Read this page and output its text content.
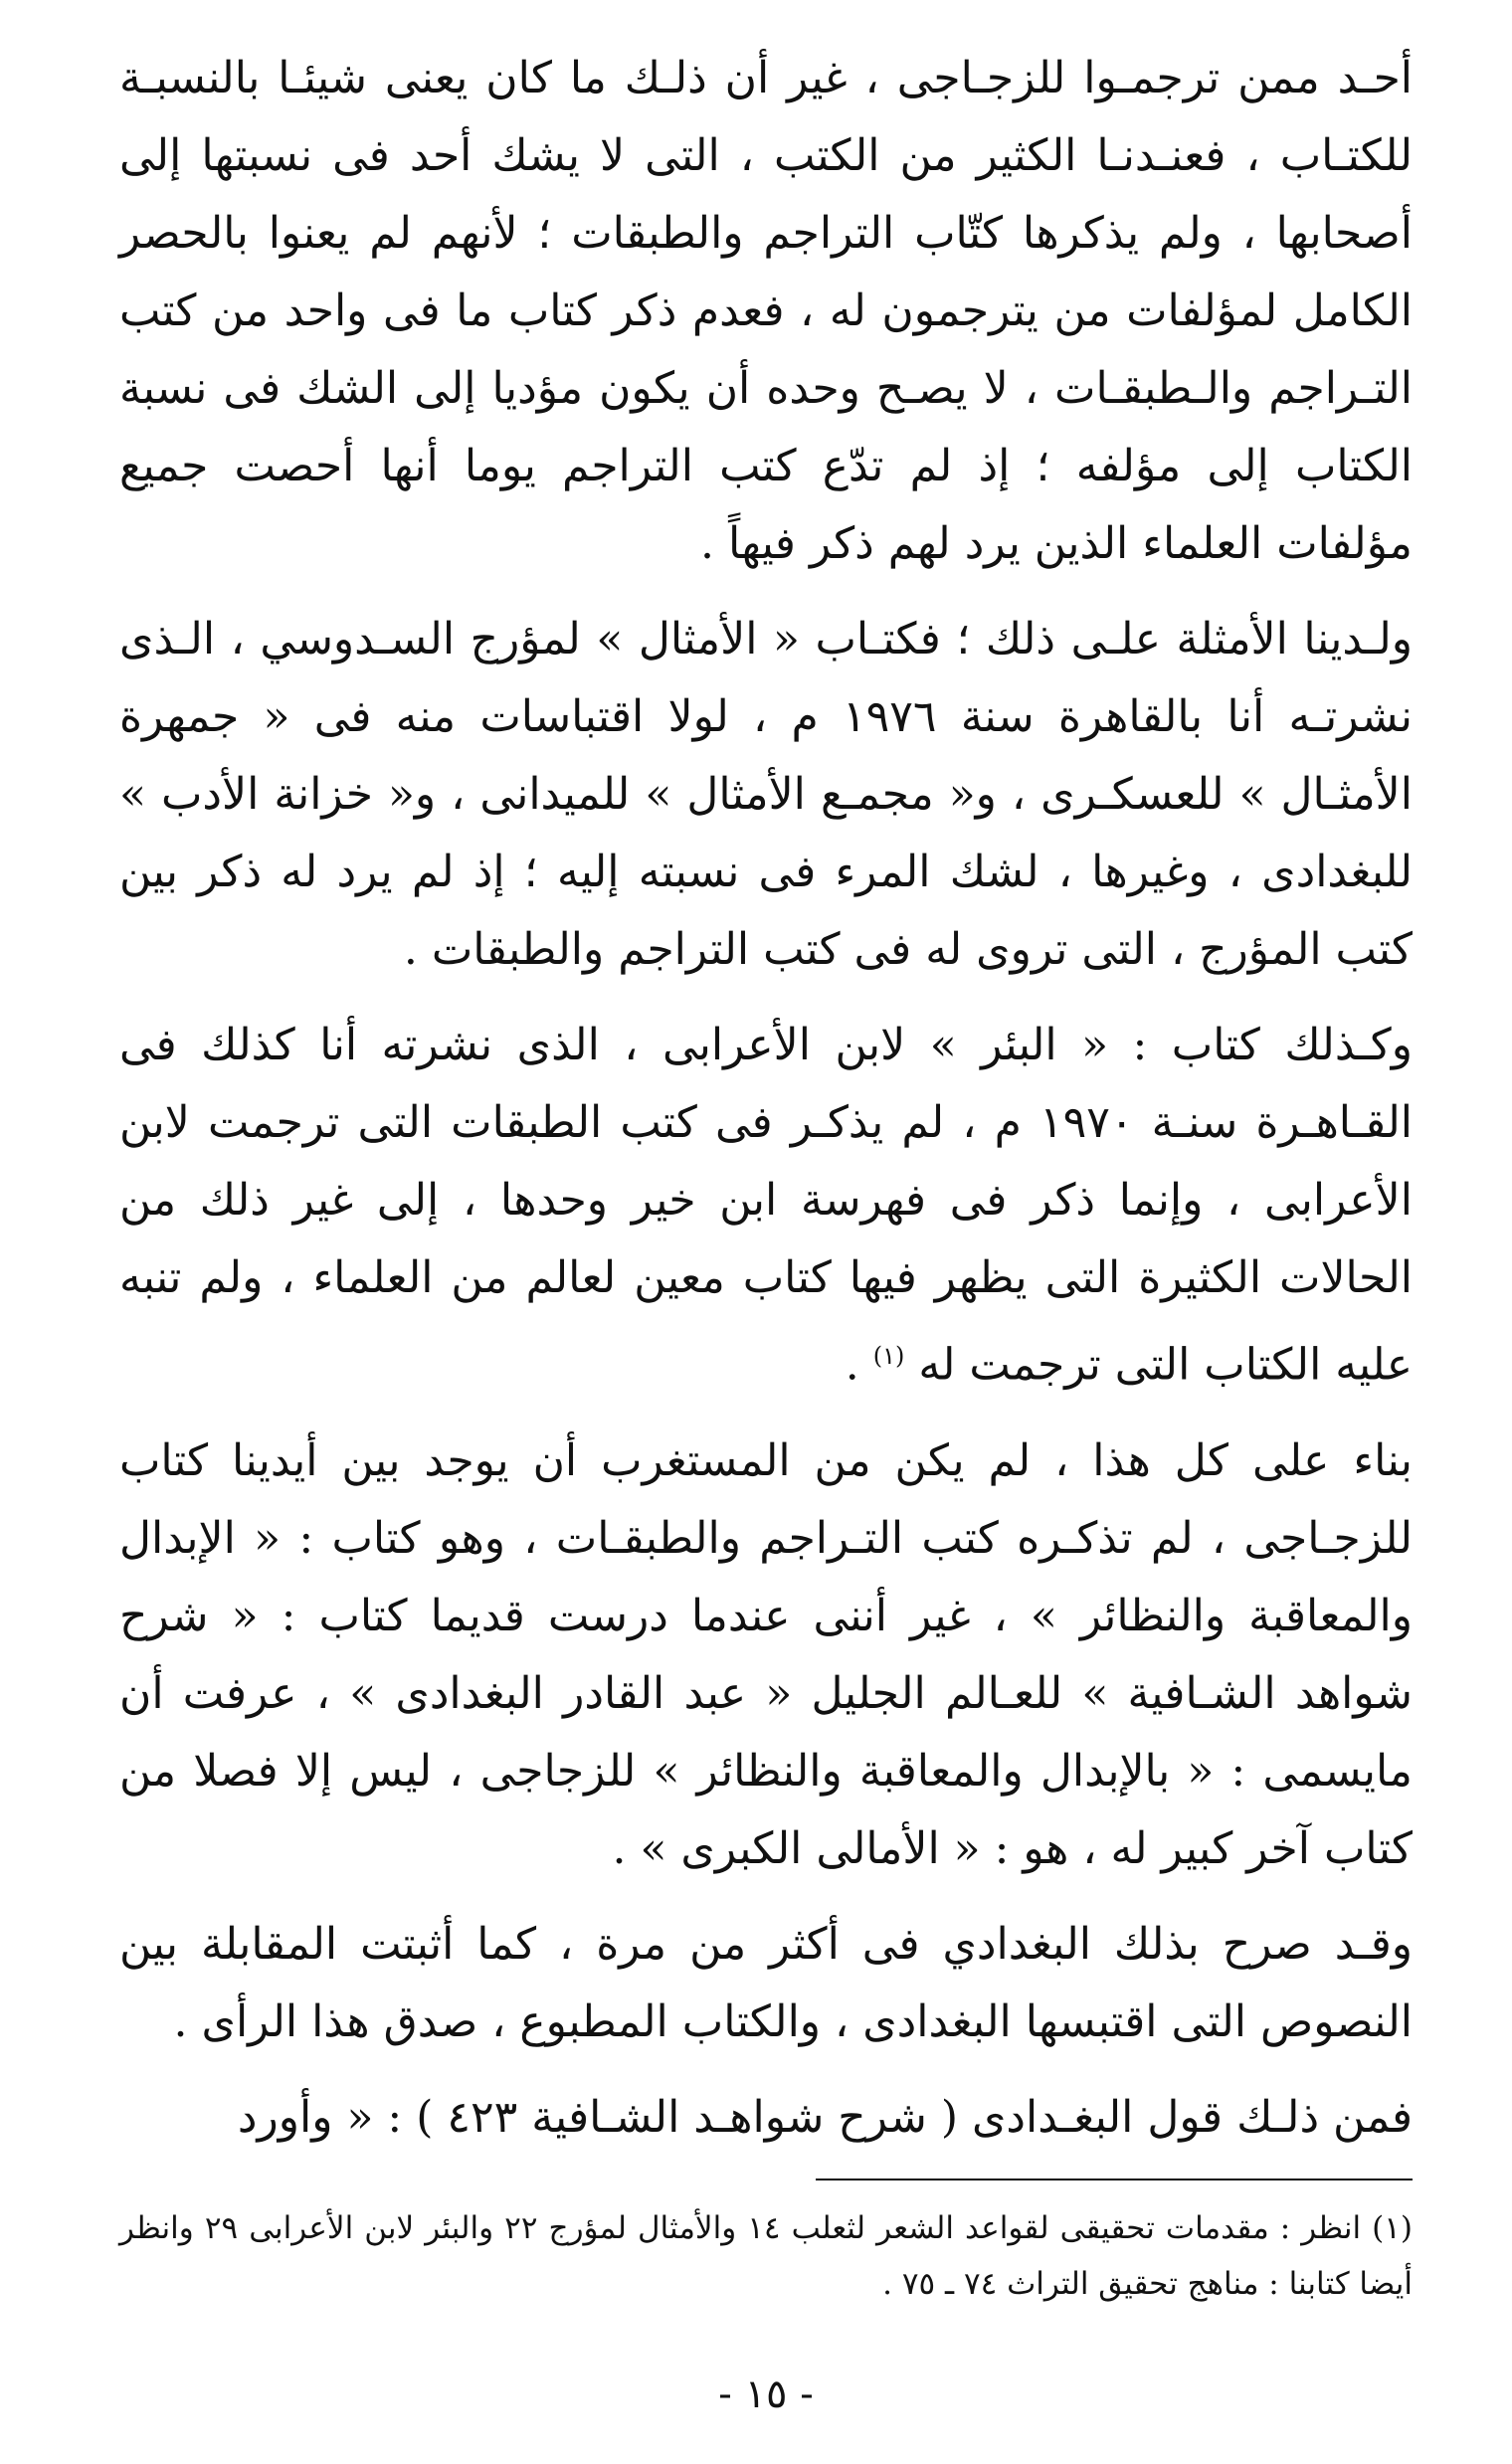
أحـد ممن ترجمـوا للزجـاجى ، غير أن ذلـك ما كان يعنى شيئـا بالنسبـة للكتـاب ، فعنـدنـا الكثير من الكتب ، التى لا يشك أحد فى نسبتها إلى أصحابها ، ولم يذكرها كتّاب التراجم والطبقات ؛ لأنهم لم يعنوا بالحصر الكامل لمؤلفات من يترجمون له ، فعدم ذكر كتاب ما فى واحد من كتب التـراجم والـطبقـات ، لا يصـح وحده أن يكون مؤديا إلى الشك فى نسبة الكتاب إلى مؤلفه ؛ إذ لم تدّع كتب التراجم يوما أنها أحصت جميع مؤلفات العلماء الذين يرد لهم ذكر فيهاً .

ولـدينا الأمثلة علـى ذلك ؛ فكتـاب « الأمثال » لمؤرج السـدوسي ، الـذى نشرتـه أنا بالقاهرة سنة ١٩٧٦ م ، لولا اقتباسات منه فى « جمهرة الأمثـال » للعسكـرى ، و« مجمـع الأمثال » للميدانى ، و« خزانة الأدب » للبغدادى ، وغيرها ، لشك المرء فى نسبته إليه ؛ إذ لم يرد له ذكر بين كتب المؤرج ، التى تروى له فى كتب التراجم والطبقات .

وكـذلك كتاب : « البئر » لابن الأعرابى ، الذى نشرته أنا كذلك فى القـاهـرة سنـة ١٩٧٠ م ، لم يذكـر فى كتب الطبقات التى ترجمت لابن الأعرابى ، وإنما ذكر فى فهرسة ابن خير وحدها ، إلى غير ذلك من الحالات الكثيرة التى يظهر فيها كتاب معين لعالم من العلماء ، ولم تنبه عليه الكتاب التى ترجمت له $^{(١)}$ .

بناء على كل هذا ، لم يكن من المستغرب أن يوجد بين أيدينا كتاب للزجـاجى ، لم تذكـره كتب التـراجم والطبقـات ، وهو كتاب : « الإبدال والمعاقبة والنظائر » ، غير أننى عندما درست قديما كتاب : « شرح شواهد الشـافية » للعـالم الجليل « عبد القادر البغدادى » ، عرفت أن مايسمى : « بالإبدال والمعاقبة والنظائر » للزجاجى ، ليس إلا فصلا من كتاب آخر كبير له ، هو : « الأمالى الكبرى » .

وقـد صرح بذلك البغدادي فى أكثر من مرة ، كما أثبتت المقابلة بين النصوص التى اقتبسها البغدادى ، والكتاب المطبوع ، صدق هذا الرأى .

فمن ذلـك قول البغـدادى ( شرح شواهـد الشـافية ٤٢٣ ) : « وأورد

(١) انظر : مقدمات تحقيقى لقواعد الشعر لثعلب ١٤ والأمثال لمؤرج ٢٢ والبئر لابن الأعرابى ٢٩ وانظر أيضا كتابنا : مناهج تحقيق التراث ٧٤ ـ ٧٥ .

- ١٥ -
